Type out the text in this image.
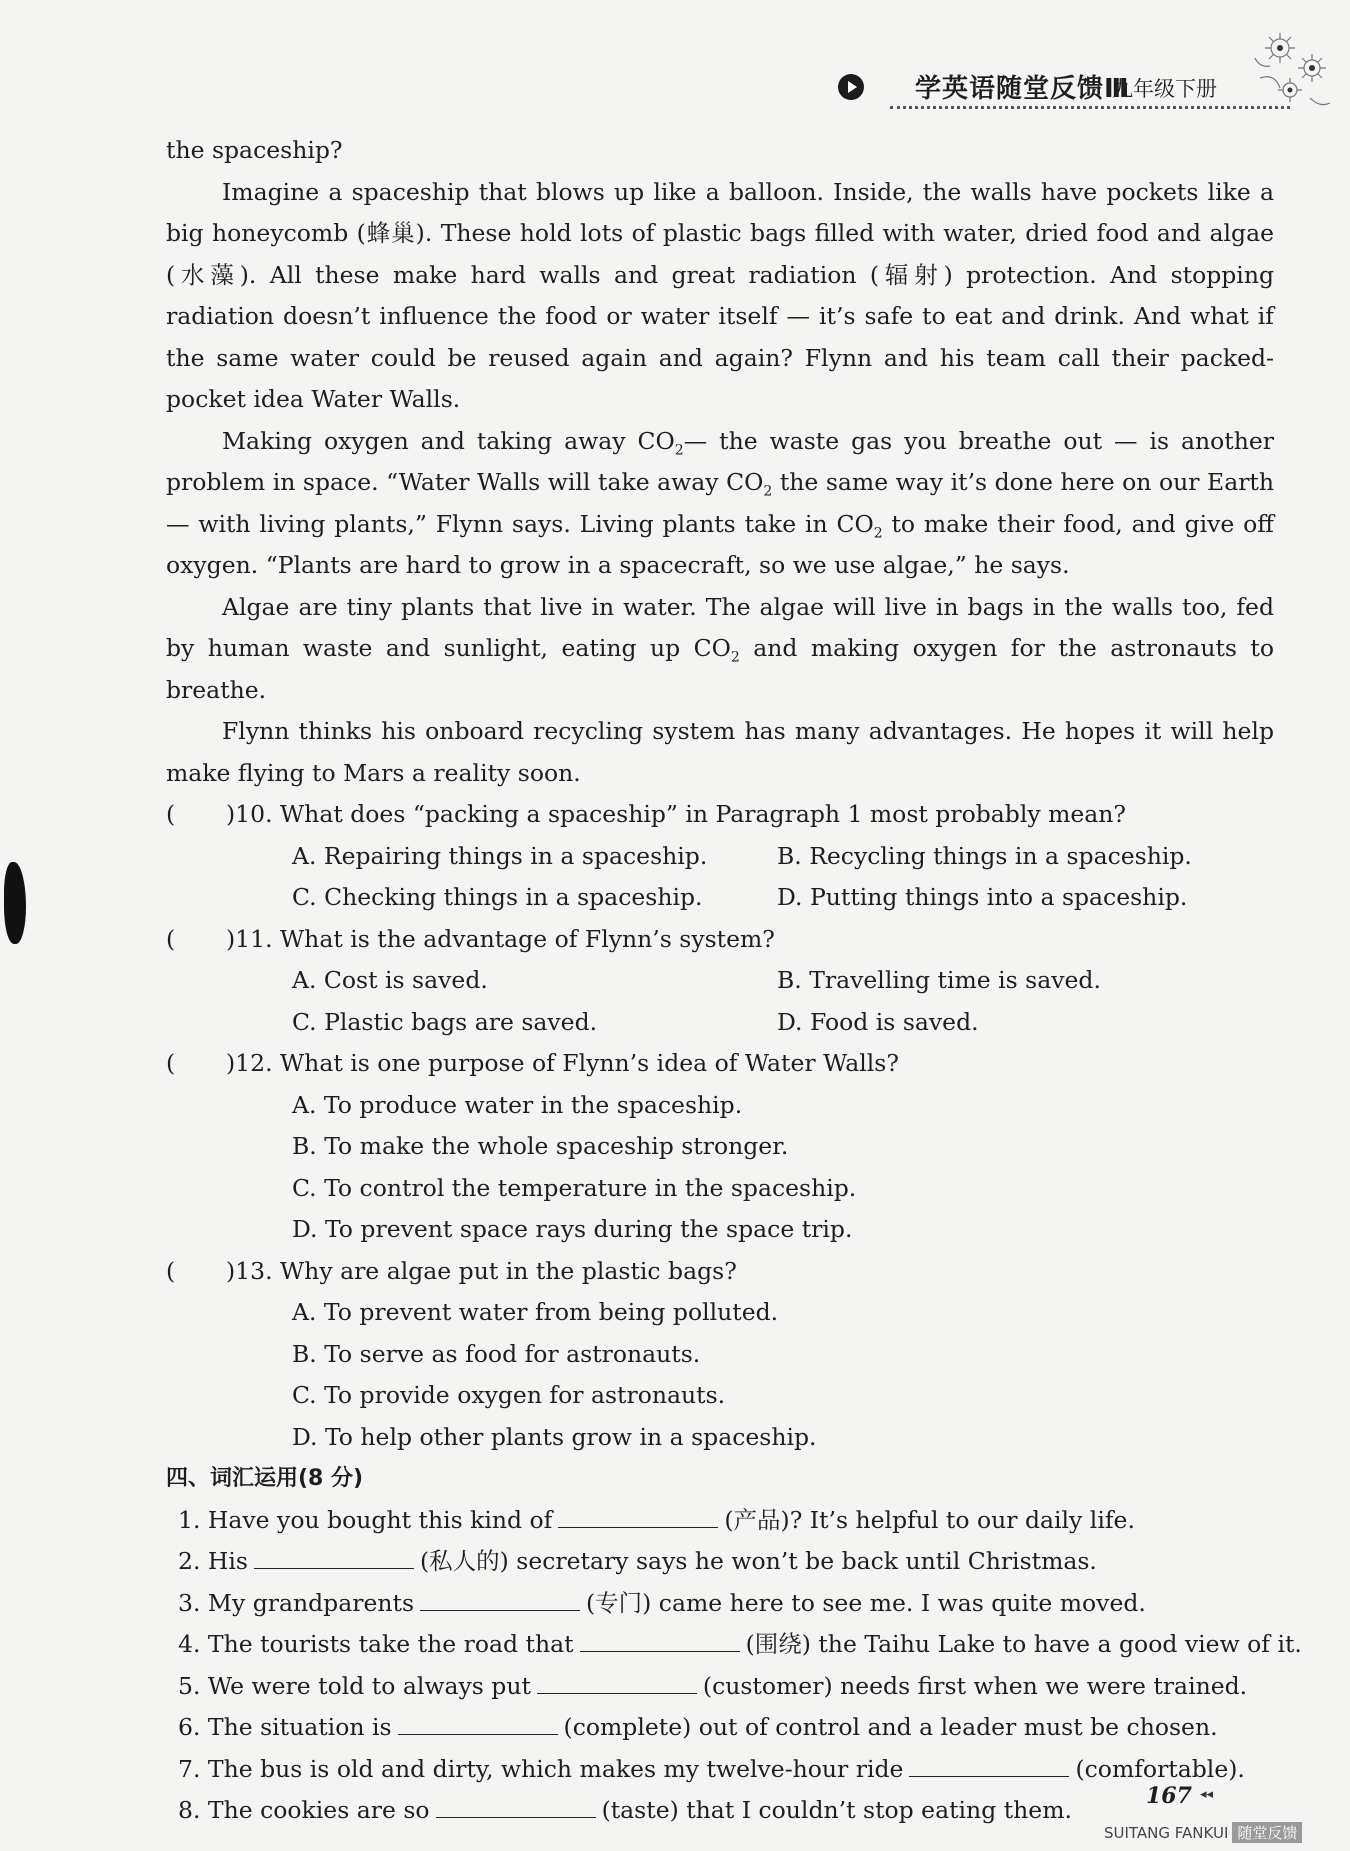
学英语随堂反馈Ⅲ
九年级下册

the spaceship?

Imagine a spaceship that blows up like a balloon. Inside, the walls have pockets like a big honeycomb (蜂巢). These hold lots of plastic bags filled with water, dried food and algae (水藻). All these make hard walls and great radiation (辐射) protection. And stopping radiation doesn’t influence the food or water itself — it’s safe to eat and drink. And what if the same water could be reused again and again? Flynn and his team call their packed-pocket idea Water Walls.

Making oxygen and taking away $CO_2—$ the waste gas you breathe out — is another problem in space. “Water Walls will take away $CO_2$ the same way it’s done here on our Earth — with living plants,” Flynn says. Living plants take in $CO_2$ to make their food, and give off oxygen. “Plants are hard to grow in a spacecraft, so we use algae,” he says.

Algae are tiny plants that live in water. The algae will live in bags in the walls too, fed by human waste and sunlight, eating up $CO_2$ and making oxygen for the astronauts to breathe.

Flynn thinks his onboard recycling system has many advantages. He hopes it will help make flying to Mars a reality soon.

( )10. What does “packing a spaceship” in Paragraph 1 most probably mean?
A. Repairing things in a spaceship.	B. Recycling things in a spaceship.
C. Checking things in a spaceship.	D. Putting things into a spaceship.
( )11. What is the advantage of Flynn’s system?
A. Cost is saved.	B. Travelling time is saved.
C. Plastic bags are saved.	D. Food is saved.
( )12. What is one purpose of Flynn’s idea of Water Walls?
A. To produce water in the spaceship.
B. To make the whole spaceship stronger.
C. To control the temperature in the spaceship.
D. To prevent space rays during the space trip.
( )13. Why are algae put in the plastic bags?
A. To prevent water from being polluted.
B. To serve as food for astronauts.
C. To provide oxygen for astronauts.
D. To help other plants grow in a spaceship.

四、词汇运用(8 分)

1. Have you bought this kind of	(产品)? It’s helpful to our daily life.
2. His	(私人的) secretary says he won’t be back until Christmas.
3. My grandparents	(专门) came here to see me. I was quite moved.
4. The tourists take the road that	(围绕) the Taihu Lake to have a good view of it.
5. We were told to always put	(customer) needs first when we were trained.
6. The situation is	(complete) out of control and a leader must be chosen.
7. The bus is old and dirty, which makes my twelve-hour ride	(comfortable).
8. The cookies are so	(taste) that I couldn’t stop eating them.	167 ◂◂
SUITANG FANKUI 随堂反馈
